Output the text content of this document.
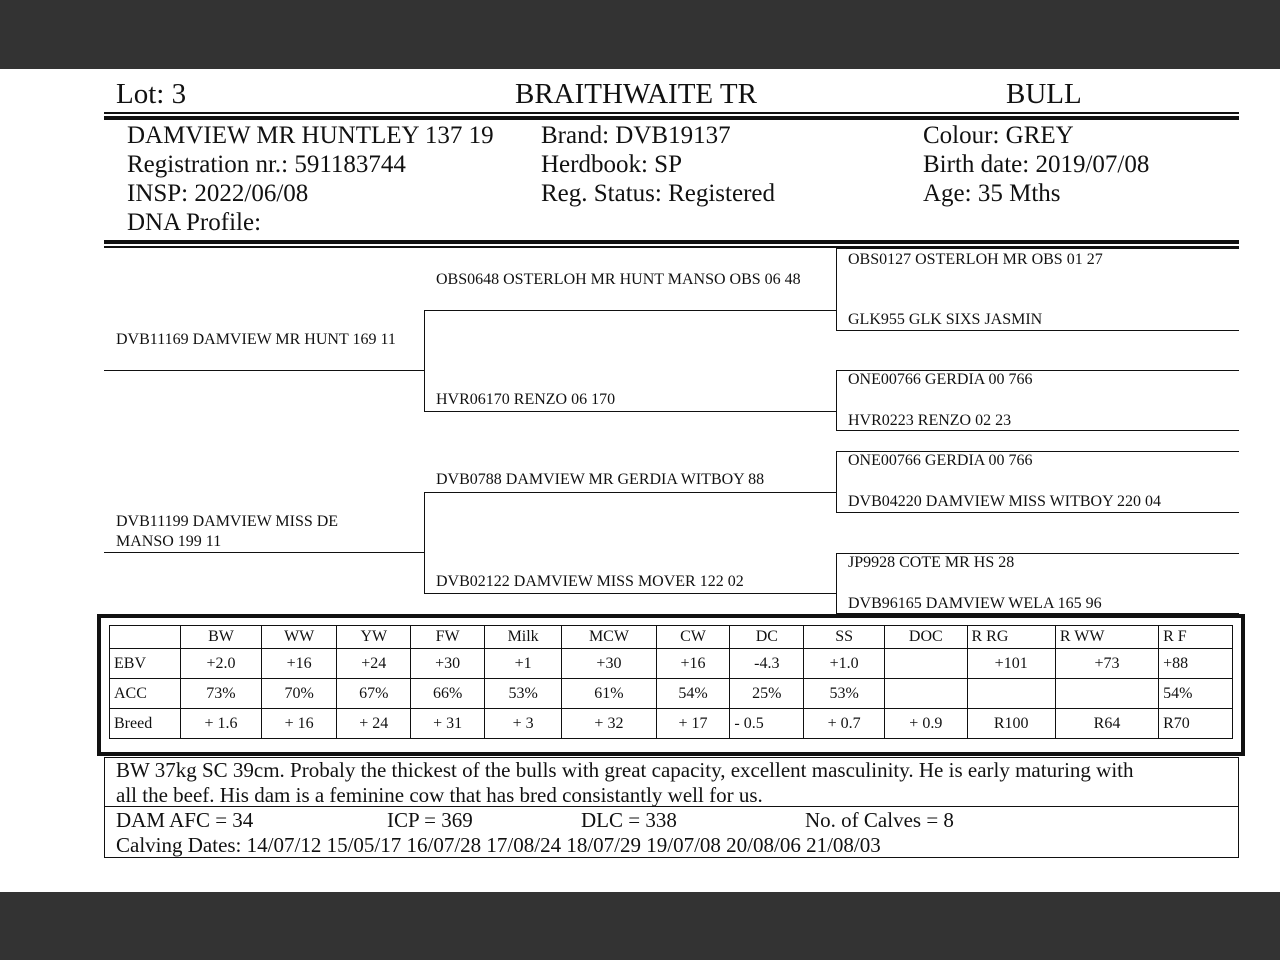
Lot: 3	BRAITHWAITE TR	BULL
DAMVIEW MR HUNTLEY 137 19
Registration nr.: 591183744
INSP: 2022/06/08
DNA Profile:
Brand: DVB19137
Herdbook: SP
Reg. Status: Registered
Colour: GREY
Birth date: 2019/07/08
Age: 35 Mths
DVB11169 DAMVIEW MR HUNT 169 11
DVB11199 DAMVIEW MISS DE MANSO 199 11
OBS0648 OSTERLOH MR HUNT MANSO OBS 06 48
HVR06170 RENZO 06 170
DVB0788 DAMVIEW MR GERDIA WITBOY 88
DVB02122 DAMVIEW MISS MOVER 122 02
OBS0127 OSTERLOH MR OBS 01 27
GLK955 GLK SIXS JASMIN
ONE00766 GERDIA 00 766
HVR0223 RENZO 02 23
ONE00766 GERDIA 00 766
DVB04220 DAMVIEW MISS WITBOY 220 04
JP9928 COTE MR HS 28
DVB96165 DAMVIEW WELA 165 96
	BW	WW	YW	FW	Milk	MCW	CW	DC	SS	DOC	R RG	R WW	R F
EBV	+2.0	+16	+24	+30	+1	+30	+16	-4.3	+1.0		+101	+73	+88
ACC	73%	70%	67%	66%	53%	61%	54%	25%	53%				54%
Breed	+ 1.6	+ 16	+ 24	+ 31	+ 3	+ 32	+ 17	- 0.5	+ 0.7	+ 0.9	R100	R64	R70
BW 37kg SC 39cm. Probaly the thickest of the bulls with great capacity, excellent masculinity. He is early maturing with
all the beef. His dam is a feminine cow that has bred consistantly well for us.
DAM AFC = 34	ICP = 369	DLC = 338	No. of Calves = 8
Calving Dates: 14/07/12 15/05/17 16/07/28 17/08/24 18/07/29 19/07/08 20/08/06 21/08/03
